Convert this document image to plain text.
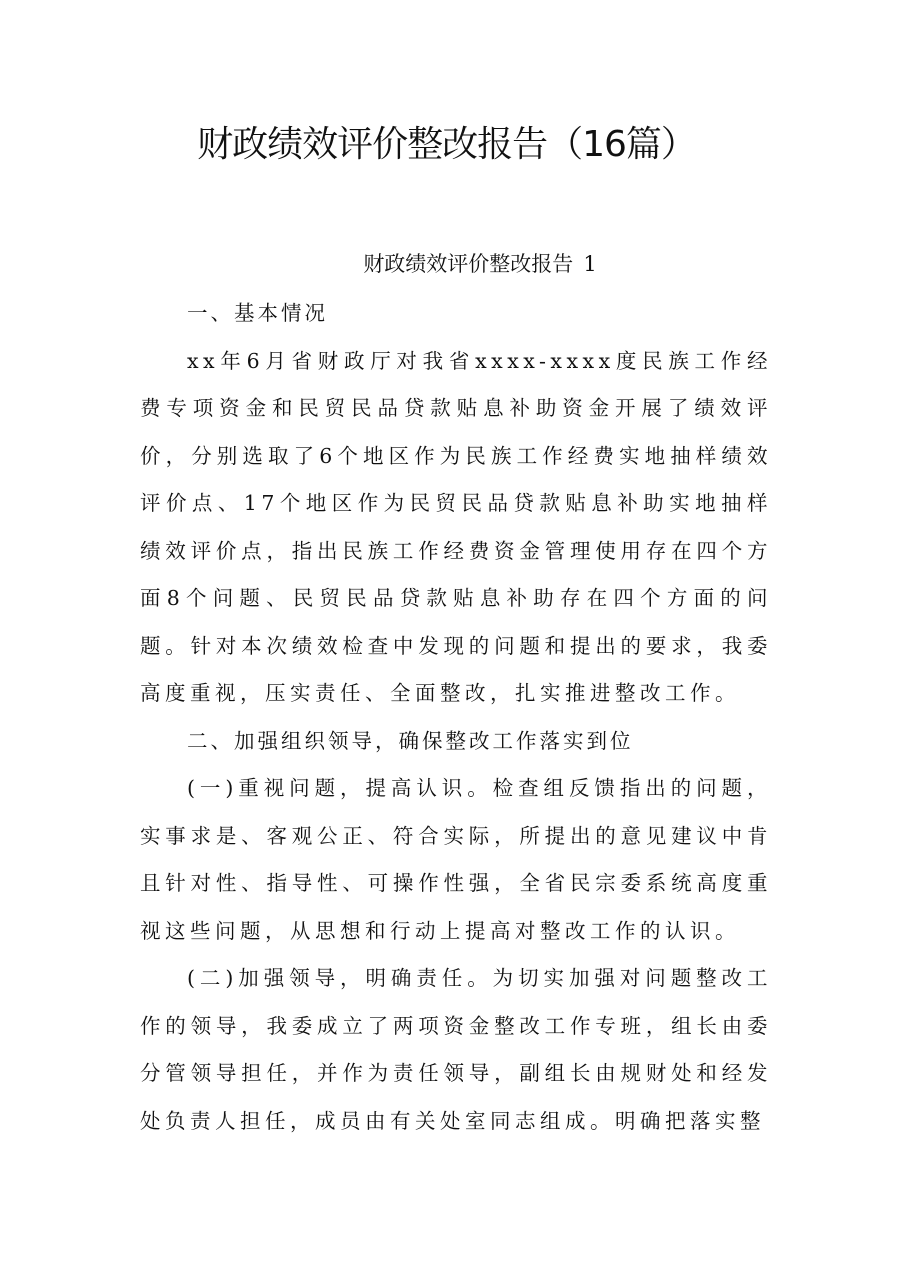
财政绩效评价整改报告（16篇）
财政绩效评价整改报告 1

一、基本情况

xx年6月省财政厅对我省xxxx-xxxx度民族工作经费专项资金和民贸民品贷款贴息补助资金开展了绩效评价，分别选取了6个地区作为民族工作经费实地抽样绩效评价点、17个地区作为民贸民品贷款贴息补助实地抽样绩效评价点，指出民族工作经费资金管理使用存在四个方面8个问题、民贸民品贷款贴息补助存在四个方面的问题。针对本次绩效检查中发现的问题和提出的要求，我委高度重视，压实责任、全面整改，扎实推进整改工作。

二、加强组织领导，确保整改工作落实到位

(一)重视问题，提高认识。检查组反馈指出的问题，实事求是、客观公正、符合实际，所提出的意见建议中肯且针对性、指导性、可操作性强，全省民宗委系统高度重视这些问题，从思想和行动上提高对整改工作的认识。

(二)加强领导，明确责任。为切实加强对问题整改工作的领导，我委成立了两项资金整改工作专班，组长由委分管领导担任，并作为责任领导，副组长由规财处和经发处负责人担任，成员由有关处室同志组成。明确把落实整
